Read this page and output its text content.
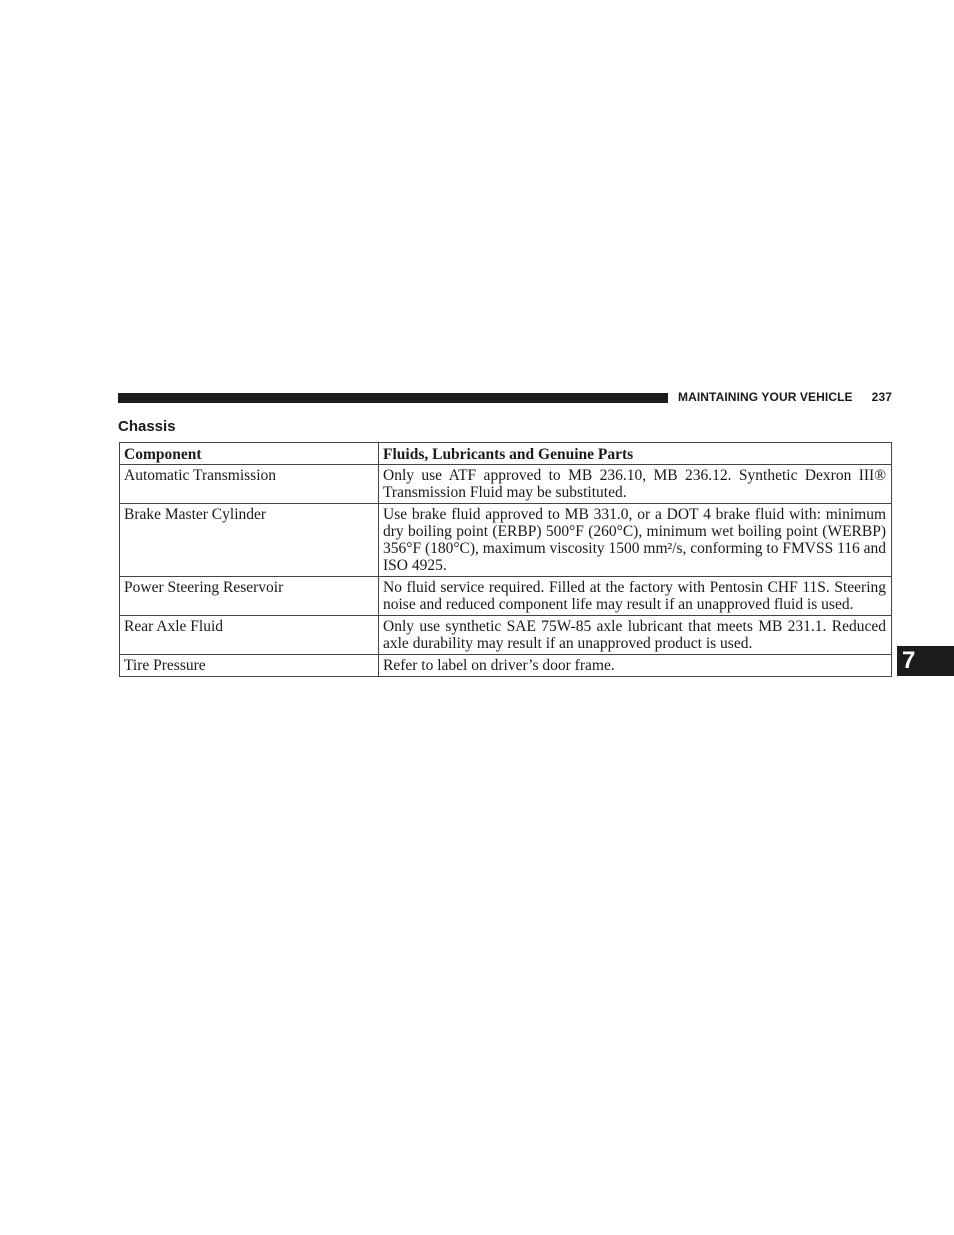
MAINTAINING YOUR VEHICLE 237
Chassis
Component	Fluids, Lubricants and Genuine Parts
Automatic Transmission	Only use ATF approved to MB 236.10, MB 236.12. Synthetic Dexron III® Transmission Fluid may be substituted.
Brake Master Cylinder	Use brake fluid approved to MB 331.0, or a DOT 4 brake fluid with: minimum dry boiling point (ERBP) 500°F (260°C), minimum wet boiling point (WERBP) 356°F (180°C), maximum viscosity 1500 mm²/s, conforming to FMVSS 116 and ISO 4925.
Power Steering Reservoir	No fluid service required. Filled at the factory with Pentosin CHF 11S. Steering noise and reduced component life may result if an unapproved fluid is used.
Rear Axle Fluid	Only use synthetic SAE 75W-85 axle lubricant that meets MB 231.1. Reduced axle durability may result if an unapproved product is used.
Tire Pressure	Refer to label on driver’s door frame.	7
